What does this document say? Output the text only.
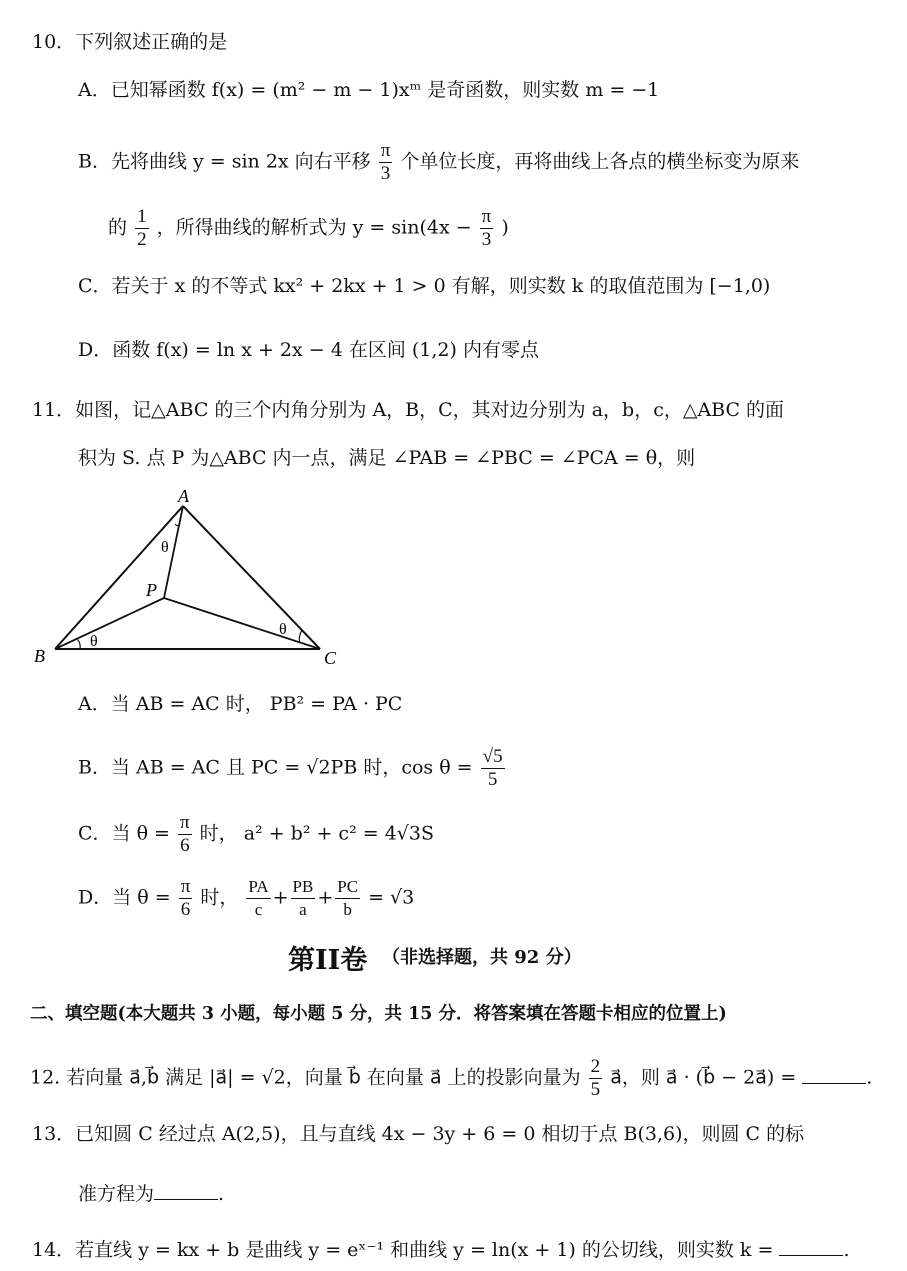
10．下列叙述正确的是
A．已知幂函数 f(x) = (m² − m − 1)xᵐ 是奇函数，则实数 m = −1
B．先将曲线 y = sin 2x 向右平移 $\frac{\pi}{3}$ 个单位长度，再将曲线上各点的横坐标变为原来
的 $\frac{1}{2}$ ，所得曲线的解析式为 $y = \sin(4x - \frac{\pi}{3}$ )
C．若关于 x 的不等式 kx² + 2kx + 1 > 0 有解，则实数 k 的取值范围为 [−1,0)
D．函数 f(x) = ln x + 2x − 4 在区间 (1,2) 内有零点
11．如图，记△ABC 的三个内角分别为 A，B，C，其对边分别为 a，b，c，△ABC 的面
积为 S. 点 P 为△ABC 内一点，满足 ∠PAB = ∠PBC = ∠PCA = θ，则
A
B	C
P
θ
θ
θ
A．当 AB = AC 时， PB² = PA · PC
B．当 AB = AC 且 PC = √2PB 时，$\cos \theta = \frac{√5}{5}$
C．当 $\theta = \frac{\pi}{6}$ 时， a² + b² + c² = 4√3S
D．当 $\theta = \frac{\pi}{6}$ 时， $\frac{PA}{c} + \frac{PB}{a} + \frac{PC}{b} = √3$
第II卷 （非选择题，共 92 分）
二、填空题(本大题共 3 小题，每小题 5 分，共 15 分．将答案填在答题卡相应的位置上)
12. 若向量 a⃗,b⃗ 满足 |a⃗| = √2，向量 b⃗ 在向量 a⃗ 上的投影向量为 $\frac{2}{5}$ a⃗，则 a⃗ · (b⃗ − 2a⃗) =	.
13．已知圆 C 经过点 A(2,5)，且与直线 4x − 3y + 6 = 0 相切于点 B(3,6)，则圆 C 的标
准方程为	.
14．若直线 y = kx + b 是曲线 y = eˣ⁻¹ 和曲线 y = ln(x + 1) 的公切线，则实数 k =	.
